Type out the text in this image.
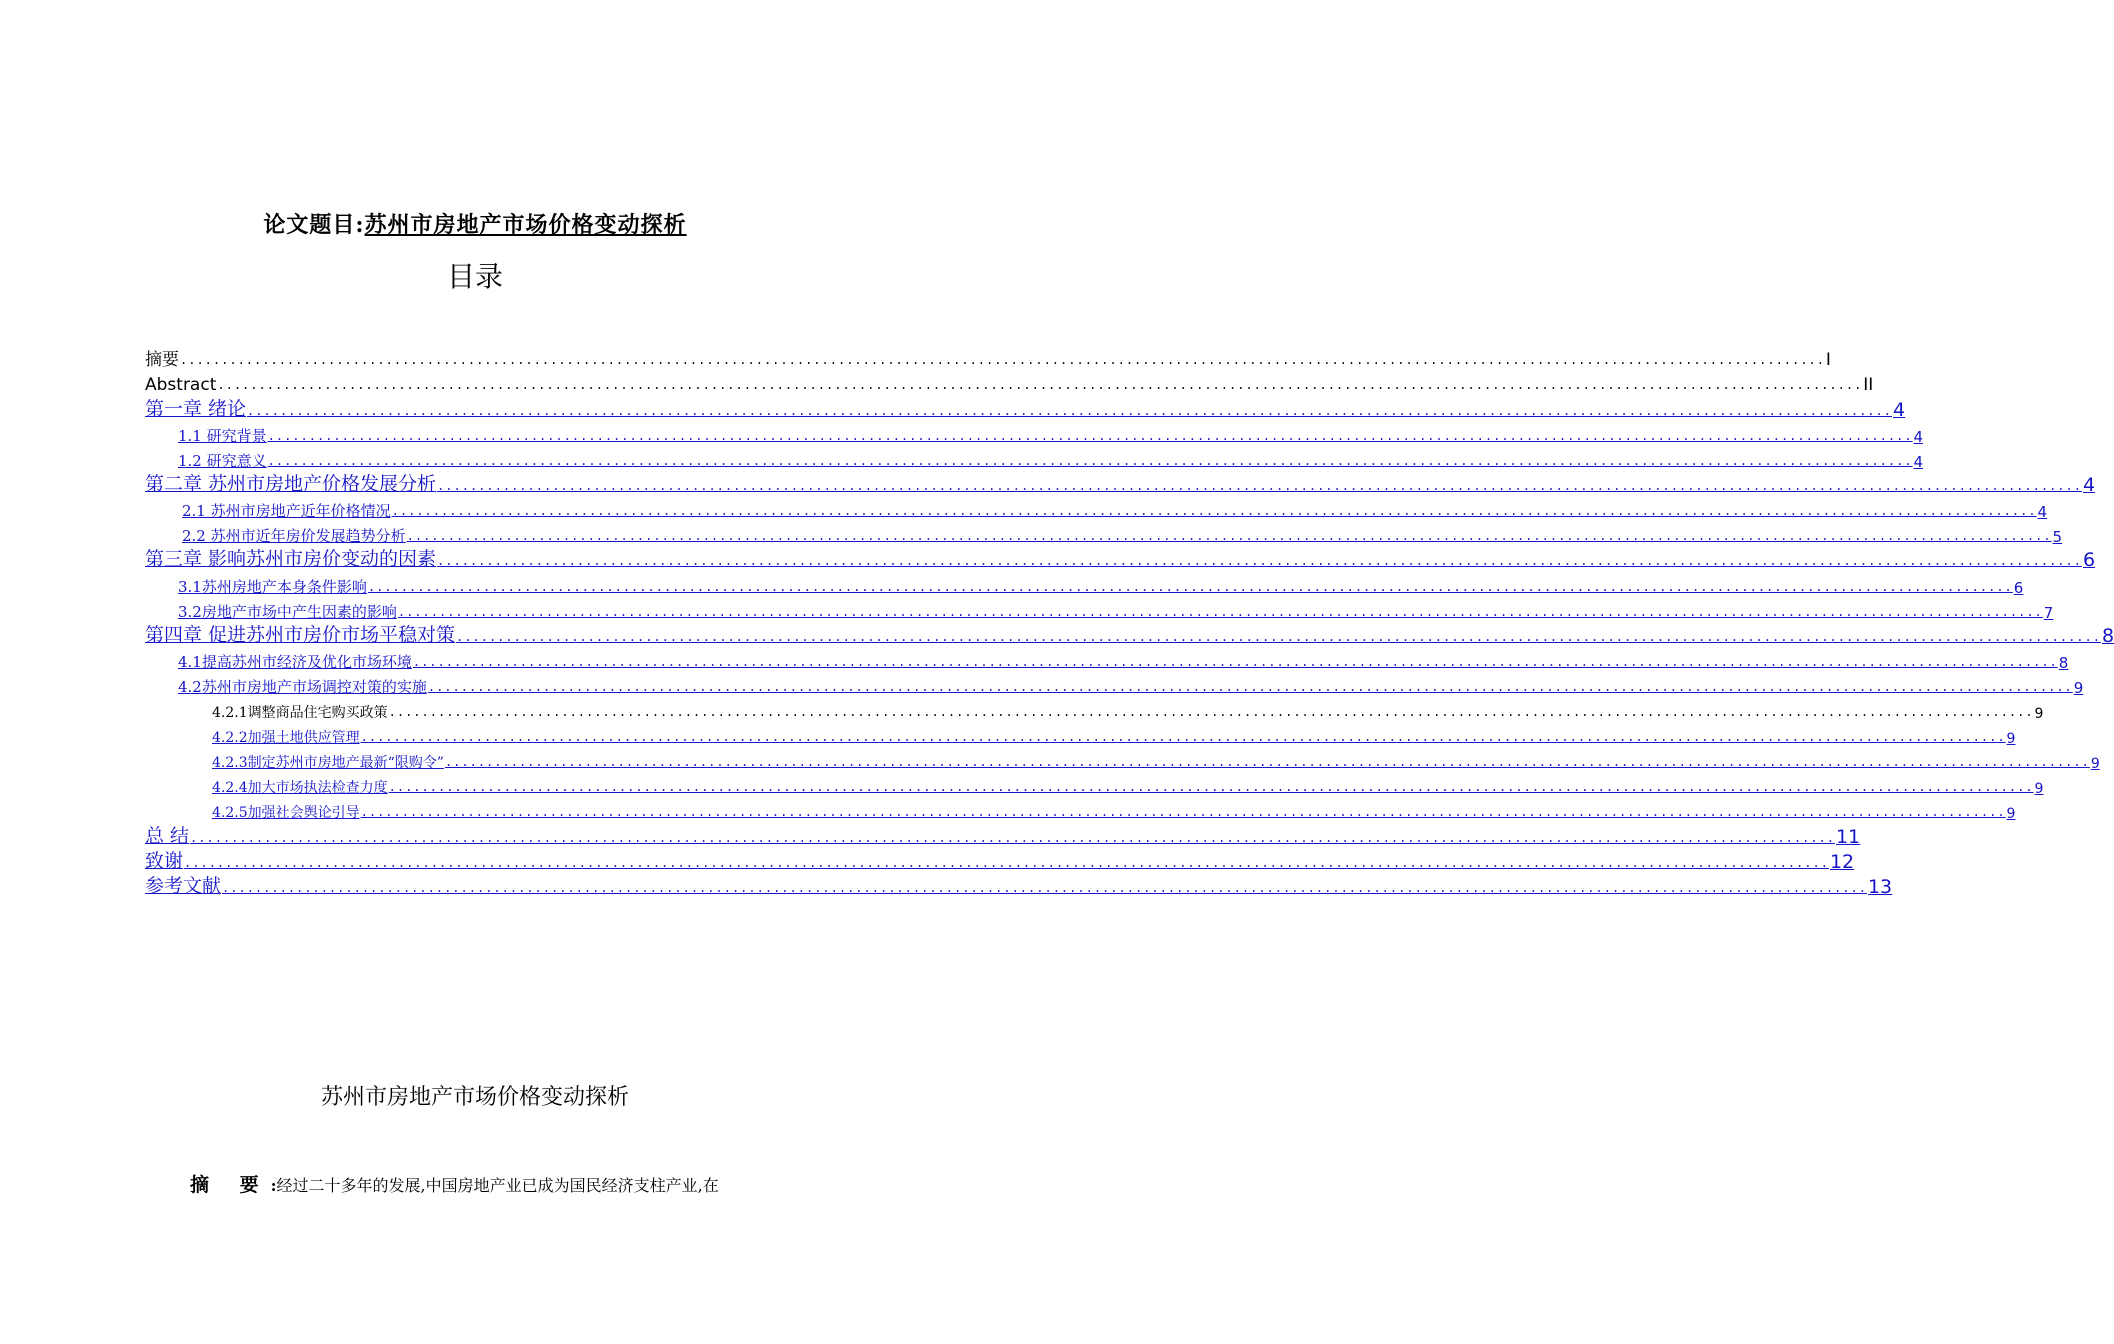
论文题目:苏州市房地产市场价格变动探析
目录
摘要 ........................................................................................................................................................................................................ I
Abstract ........................................................................................................................................................................................................ II
第一章 绪论 ........................................................................................................................................................................................................ 4
1.1 研究背景 ........................................................................................................................................................................................................ 4
1.2 研究意义 ........................................................................................................................................................................................................ 4
第二章 苏州市房地产价格发展分析 ........................................................................................................................................................................................................ 4
2.1 苏州市房地产近年价格情况 ........................................................................................................................................................................................................ 4
2.2 苏州市近年房价发展趋势分析 ........................................................................................................................................................................................................ 5
第三章 影响苏州市房价变动的因素 ........................................................................................................................................................................................................ 6
3.1苏州房地产本身条件影响 ........................................................................................................................................................................................................ 6
3.2房地产市场中产生因素的影响 ........................................................................................................................................................................................................ 7
第四章 促进苏州市房价市场平稳对策 ........................................................................................................................................................................................................ 8
4.1提高苏州市经济及优化市场环境 ........................................................................................................................................................................................................ 8
4.2苏州市房地产市场调控对策的实施 ........................................................................................................................................................................................................ 9
4.2.1调整商品住宅购买政策 ........................................................................................................................................................................................................ 9
4.2.2加强土地供应管理 ........................................................................................................................................................................................................ 9
4.2.3制定苏州市房地产最新“限购令” ........................................................................................................................................................................................................ 9
4.2.4加大市场执法检查力度 ........................................................................................................................................................................................................ 9
4.2.5加强社会舆论引导 ........................................................................................................................................................................................................ 9
总 结 ........................................................................................................................................................................................................ 11
致谢 ........................................................................................................................................................................................................ 12
参考文献 ........................................................................................................................................................................................................ 13
苏州市房地产市场价格变动探析
摘 要:经过二十多年的发展,中国房地产业已成为国民经济支柱产业,在
